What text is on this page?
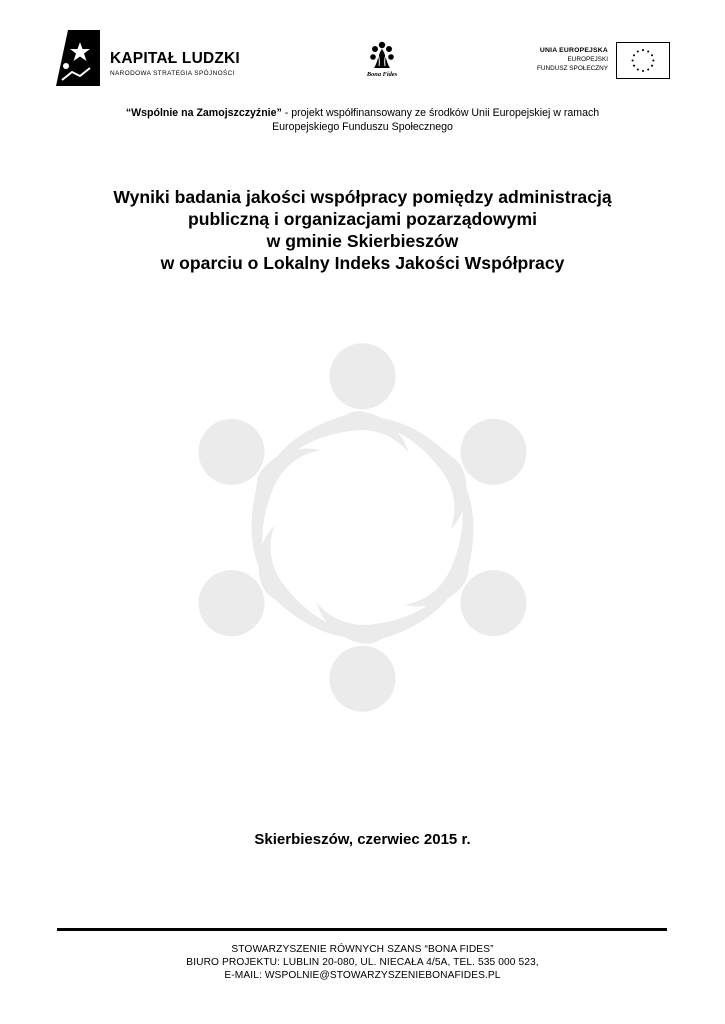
KAPITAŁ LUDZKI
NARODOWA STRATEGIA SPÓJNOŚCI	Bona Fides
UNIA EUROPEJSKA
EUROPEJSKI
FUNDUSZ SPOŁECZNY
“Wspólnie na Zamojszczyźnie” - projekt współfinansowany ze środków Unii Europejskiej w ramach
Europejskiego Funduszu Społecznego
Wyniki badania jakości współpracy pomiędzy administracją
publiczną i organizacjami pozarządowymi
w gminie Skierbieszów
w oparciu o Lokalny Indeks Jakości Współpracy
Skierbieszów, czerwiec 2015 r.
STOWARZYSZENIE RÓWNYCH SZANS “BONA FIDES”
BIURO PROJEKTU: LUBLIN 20-080, UL. NIECAŁA 4/5A, TEL. 535 000 523,
E-MAIL: WSPOLNIE@STOWARZYSZENIEBONAFIDES.PL
